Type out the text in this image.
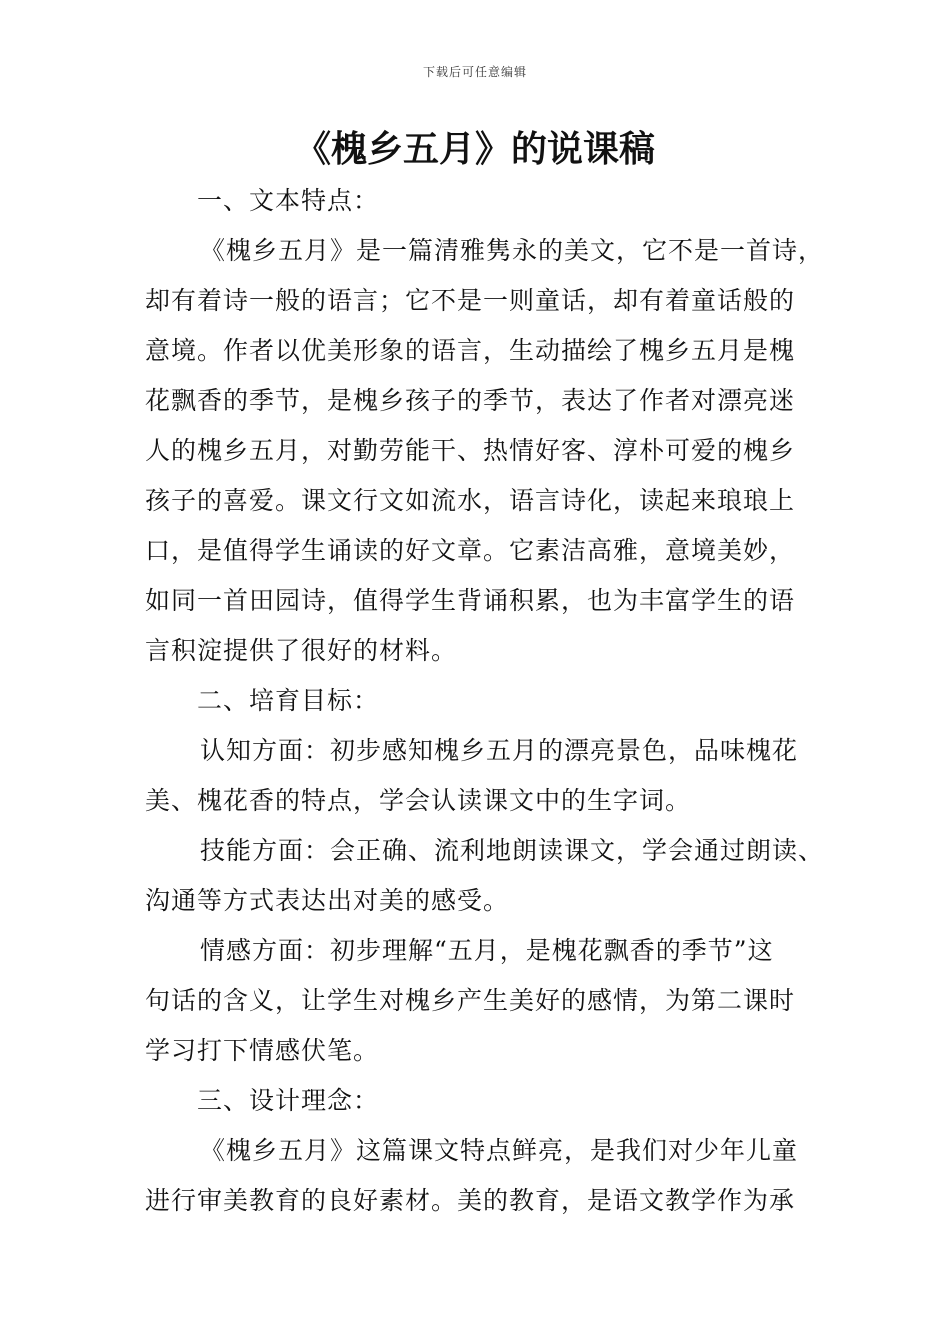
下载后可任意编辑
《槐乡五月》的说课稿
一、文本特点：
《槐乡五月》是一篇清雅隽永的美文，它不是一首诗，
却有着诗一般的语言；它不是一则童话，却有着童话般的
意境。作者以优美形象的语言，生动描绘了槐乡五月是槐
花飘香的季节，是槐乡孩子的季节，表达了作者对漂亮迷
人的槐乡五月，对勤劳能干、热情好客、淳朴可爱的槐乡
孩子的喜爱。课文行文如流水，语言诗化，读起来琅琅上
口，是值得学生诵读的好文章。它素洁高雅，意境美妙，
如同一首田园诗，值得学生背诵积累，也为丰富学生的语
言积淀提供了很好的材料。
二、培育目标：
认知方面：初步感知槐乡五月的漂亮景色，品味槐花
美、槐花香的特点，学会认读课文中的生字词。
技能方面：会正确、流利地朗读课文，学会通过朗读、
沟通等方式表达出对美的感受。
情感方面：初步理解“五月，是槐花飘香的季节”这
句话的含义，让学生对槐乡产生美好的感情，为第二课时
学习打下情感伏笔。
三、设计理念：
《槐乡五月》这篇课文特点鲜亮，是我们对少年儿童
进行审美教育的良好素材。美的教育，是语文教学作为承
